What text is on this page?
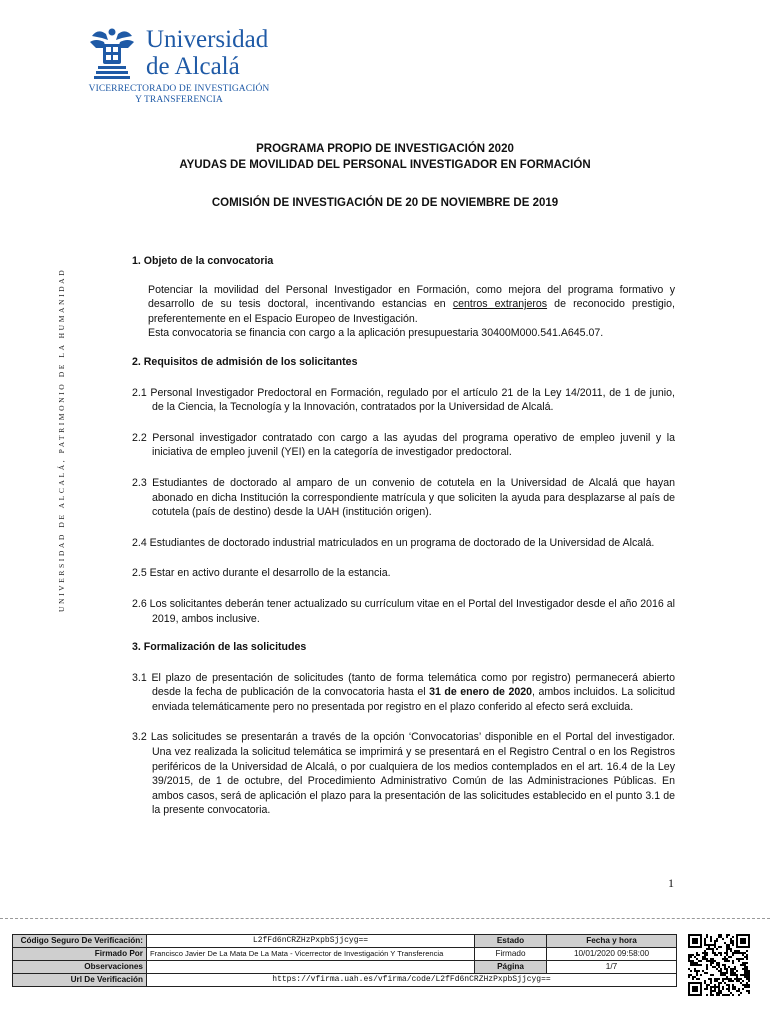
Universidad
de Alcalá
VICERRECTORADO DE INVESTIGACIÓN
Y TRANSFERENCIA
UNIVERSIDAD DE ALCALÁ, PATRIMONIO DE LA HUMANIDAD
PROGRAMA PROPIO DE INVESTIGACIÓN 2020
AYUDAS DE MOVILIDAD DEL PERSONAL INVESTIGADOR EN FORMACIÓN
COMISIÓN DE INVESTIGACIÓN DE 20 DE NOVIEMBRE DE 2019
1. Objeto de la convocatoria

Potenciar la movilidad del Personal Investigador en Formación, como mejora del programa formativo y desarrollo de su tesis doctoral, incentivando estancias en centros extranjeros de reconocido prestigio, preferentemente en el Espacio Europeo de Investigación.

Esta convocatoria se financia con cargo a la aplicación presupuestaria 30400M000.541.A645.07.

2. Requisitos de admisión de los solicitantes
2.1 Personal Investigador Predoctoral en Formación, regulado por el artículo 21 de la Ley 14/2011, de 1 de junio, de la Ciencia, la Tecnología y la Innovación, contratados por la Universidad de Alcalá.
2.2 Personal investigador contratado con cargo a las ayudas del programa operativo de empleo juvenil y la iniciativa de empleo juvenil (YEI) en la categoría de investigador predoctoral.
2.3 Estudiantes de doctorado al amparo de un convenio de cotutela en la Universidad de Alcalá que hayan abonado en dicha Institución la correspondiente matrícula y que soliciten la ayuda para desplazarse al país de cotutela (país de destino) desde la UAH (institución origen).
2.4 Estudiantes de doctorado industrial matriculados en un programa de doctorado de la Universidad de Alcalá.
2.5 Estar en activo durante el desarrollo de la estancia.
2.6 Los solicitantes deberán tener actualizado su currículum vitae en el Portal del Investigador desde el año 2016 al 2019, ambos inclusive.
3. Formalización de las solicitudes
3.1 El plazo de presentación de solicitudes (tanto de forma telemática como por registro) permanecerá abierto desde la fecha de publicación de la convocatoria hasta el 31 de enero de 2020, ambos incluidos. La solicitud enviada telemáticamente pero no presentada por registro en el plazo conferido al efecto será excluida.
3.2 Las solicitudes se presentarán a través de la opción ‘Convocatorias’ disponible en el Portal del investigador. Una vez realizada la solicitud telemática se imprimirá y se presentará en el Registro Central o en los Registros periféricos de la Universidad de Alcalá, o por cualquiera de los medios contemplados en el art. 16.4 de la Ley 39/2015, de 1 de octubre, del Procedimiento Administrativo Común de las Administraciones Públicas. En ambos casos, será de aplicación el plazo para la presentación de las solicitudes establecido en el punto 3.1 de la presente convocatoria.
1
Código Seguro De Verificación:	L2fFd6nCRZHzPxpbSjjcyg==	Estado	Fecha y hora
Firmado Por	Francisco Javier De La Mata De La Mata - Vicerrector de Investigación Y Transferencia	Firmado	10/01/2020 09:58:00
Observaciones		Página	1/7
Url De Verificación	https://vfirma.uah.es/vfirma/code/L2fFd6nCRZHzPxpbSjjcyg==		
